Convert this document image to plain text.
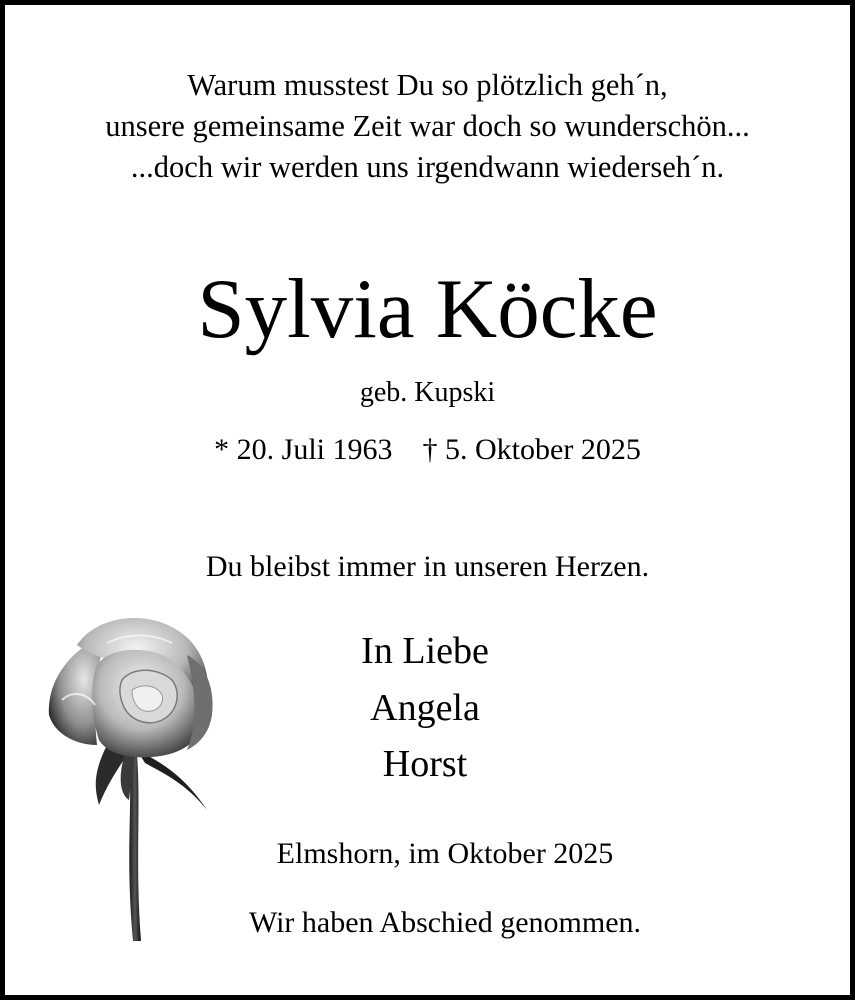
Warum musstest Du so plötzlich geh´n,
unsere gemeinsame Zeit war doch so wunderschön...
...doch wir werden uns irgendwann wiederseh´n.
Sylvia Köcke
geb. Kupski
* 20. Juli 1963 † 5. Oktober 2025
Du bleibst immer in unseren Herzen.
In Liebe
Angela
Horst
Elmshorn, im Oktober 2025
Wir haben Abschied genommen.
